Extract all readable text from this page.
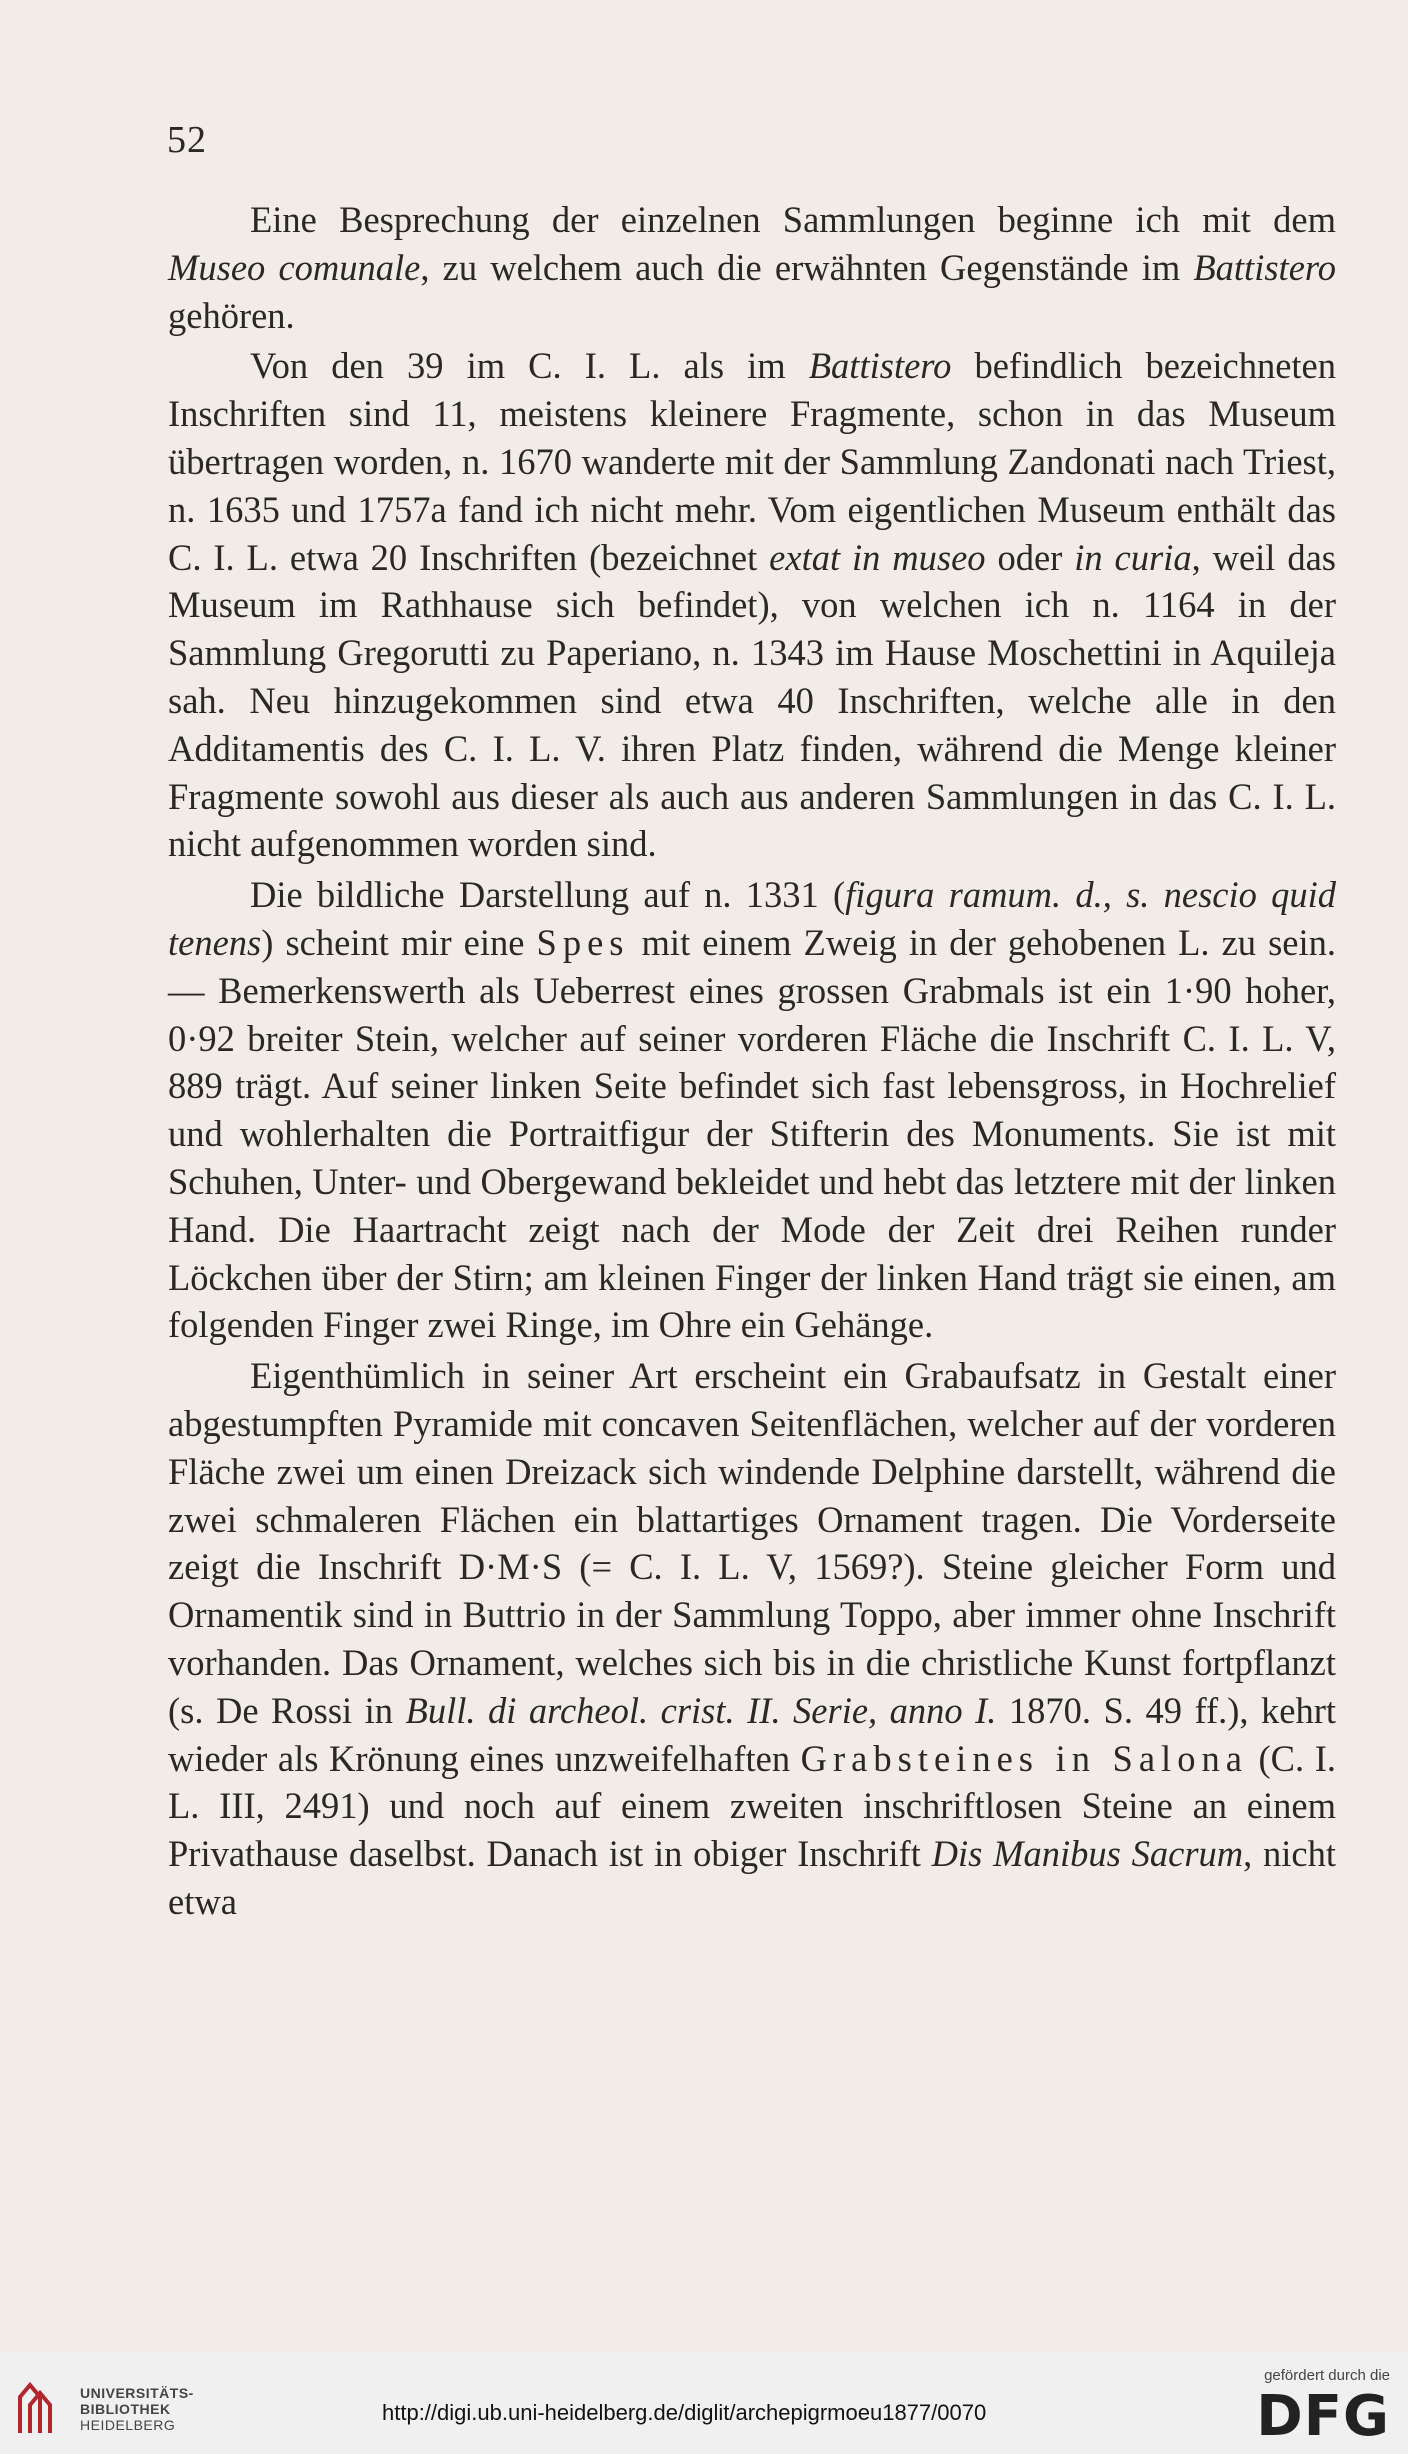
52

Eine Besprechung der einzelnen Sammlungen beginne ich mit dem Museo comunale, zu welchem auch die erwähnten Gegenstände im Battistero gehören.

Von den 39 im C. I. L. als im Battistero befindlich bezeichneten Inschriften sind 11, meistens kleinere Fragmente, schon in das Museum übertragen worden, n. 1670 wanderte mit der Sammlung Zandonati nach Triest, n. 1635 und 1757a fand ich nicht mehr. Vom eigentlichen Museum enthält das C. I. L. etwa 20 Inschriften (bezeichnet extat in museo oder in curia, weil das Museum im Rathhause sich befindet), von welchen ich n. 1164 in der Sammlung Gregorutti zu Paperiano, n. 1343 im Hause Moschettini in Aquileja sah. Neu hinzugekommen sind etwa 40 Inschriften, welche alle in den Additamentis des C. I. L. V. ihren Platz finden, während die Menge kleiner Fragmente sowohl aus dieser als auch aus anderen Sammlungen in das C. I. L. nicht aufgenommen worden sind.

Die bildliche Darstellung auf n. 1331 (figura ramum. d., s. nescio quid tenens) scheint mir eine Spes mit einem Zweig in der gehobenen L. zu sein. — Bemerkenswerth als Ueberrest eines grossen Grabmals ist ein 1·90 hoher, 0·92 breiter Stein, welcher auf seiner vorderen Fläche die Inschrift C. I. L. V, 889 trägt. Auf seiner linken Seite befindet sich fast lebensgross, in Hochrelief und wohlerhalten die Portraitfigur der Stifterin des Monuments. Sie ist mit Schuhen, Unter- und Obergewand bekleidet und hebt das letztere mit der linken Hand. Die Haartracht zeigt nach der Mode der Zeit drei Reihen runder Löckchen über der Stirn; am kleinen Finger der linken Hand trägt sie einen, am folgenden Finger zwei Ringe, im Ohre ein Gehänge.

Eigenthümlich in seiner Art erscheint ein Grabaufsatz in Gestalt einer abgestumpften Pyramide mit concaven Seitenflächen, welcher auf der vorderen Fläche zwei um einen Dreizack sich windende Delphine darstellt, während die zwei schmaleren Flächen ein blattartiges Ornament tragen. Die Vorderseite zeigt die Inschrift D·M·S (= C. I. L. V, 1569?). Steine gleicher Form und Ornamentik sind in Buttrio in der Sammlung Toppo, aber immer ohne Inschrift vorhanden. Das Ornament, welches sich bis in die christliche Kunst fortpflanzt (s. De Rossi in Bull. di archeol. crist. II. Serie, anno I. 1870. S. 49 ff.), kehrt wieder als Krönung eines unzweifelhaften Grabsteines in Salona (C. I. L. III, 2491) und noch auf einem zweiten inschriftlosen Steine an einem Privathause daselbst. Danach ist in obiger Inschrift Dis Manibus Sacrum, nicht etwa

UNIVERSITÄTS-
BIBLIOTHEK
HEIDELBERG	http://digi.ub.uni-heidelberg.de/diglit/archepigrmoeu1877/0070
gefördert durch die
DFG
